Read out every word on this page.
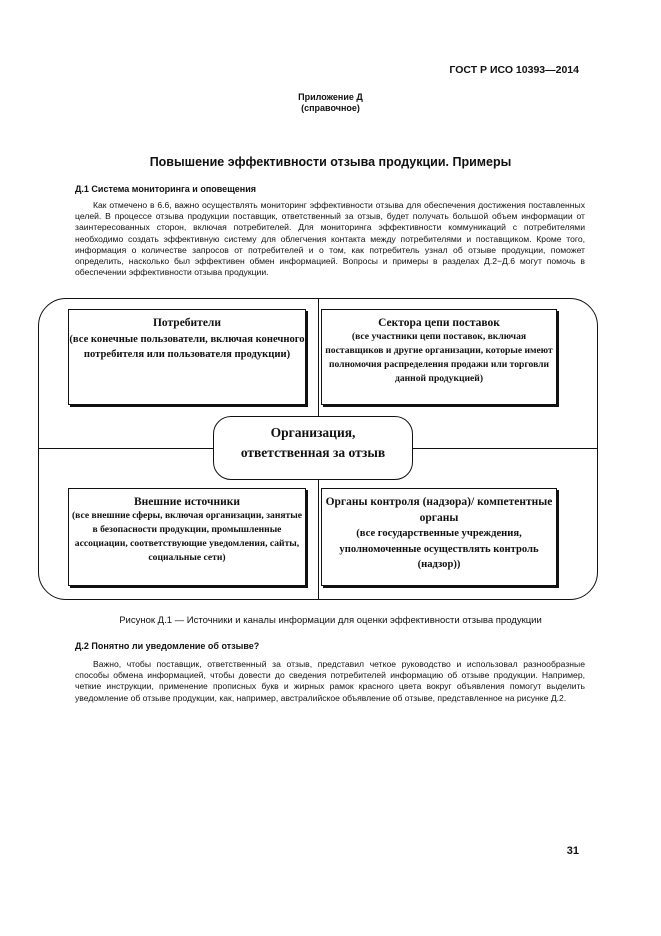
ГОСТ Р ИСО 10393—2014
Приложение Д
(справочное)
Повышение эффективности отзыва продукции. Примеры
Д.1 Система мониторинга и оповещения

Как отмечено в 6.6, важно осуществлять мониторинг эффективности отзыва для обеспечения достижения поставленных целей. В процессе отзыва продукции поставщик, ответственный за отзыв, будет получать большой объем информации от заинтересованных сторон, включая потребителей. Для мониторинга эффективности коммуникаций с потребителями необходимо создать эффективную систему для облегчения контакта между потребителями и поставщиком. Кроме того, информация о количестве запросов от потребителей и о том, как потребитель узнал об отзыве продукции, поможет определить, насколько был эффективен обмен информацией. Вопросы и примеры в разделах Д.2−Д.6 могут помочь в обеспечении эффективности отзыва продукции.

Потребители
(все конечные пользователи, включая конечного потребителя или пользователя продукции)
Сектора цепи поставок
(все участники цепи поставок, включая поставщиков и другие организации, которые имеют полномочия распределения продажи или торговли данной продукцией)
Организация,
ответственная за отзыв
Внешние источники
(все внешние сферы, включая организации, занятые в безопасности продукции, промышленные ассоциации, соответствующие уведомления, сайты, социальные сети)
Органы контроля (надзора)/ компетентные органы
(все государственные учреждения, уполномоченные осуществлять контроль (надзор))
Рисунок Д.1 — Источники и каналы информации для оценки эффективности отзыва продукции
Д.2 Понятно ли уведомление об отзыве?

Важно, чтобы поставщик, ответственный за отзыв, представил четкое руководство и использовал разнообразные способы обмена информацией, чтобы довести до сведения потребителей информацию об отзыве продукции. Например, четкие инструкции, применение прописных букв и жирных рамок красного цвета вокруг объявления помогут выделить уведомление об отзыве продукции, как, например, австралийское объявление об отзыве, представленное на рисунке Д.2.

31
